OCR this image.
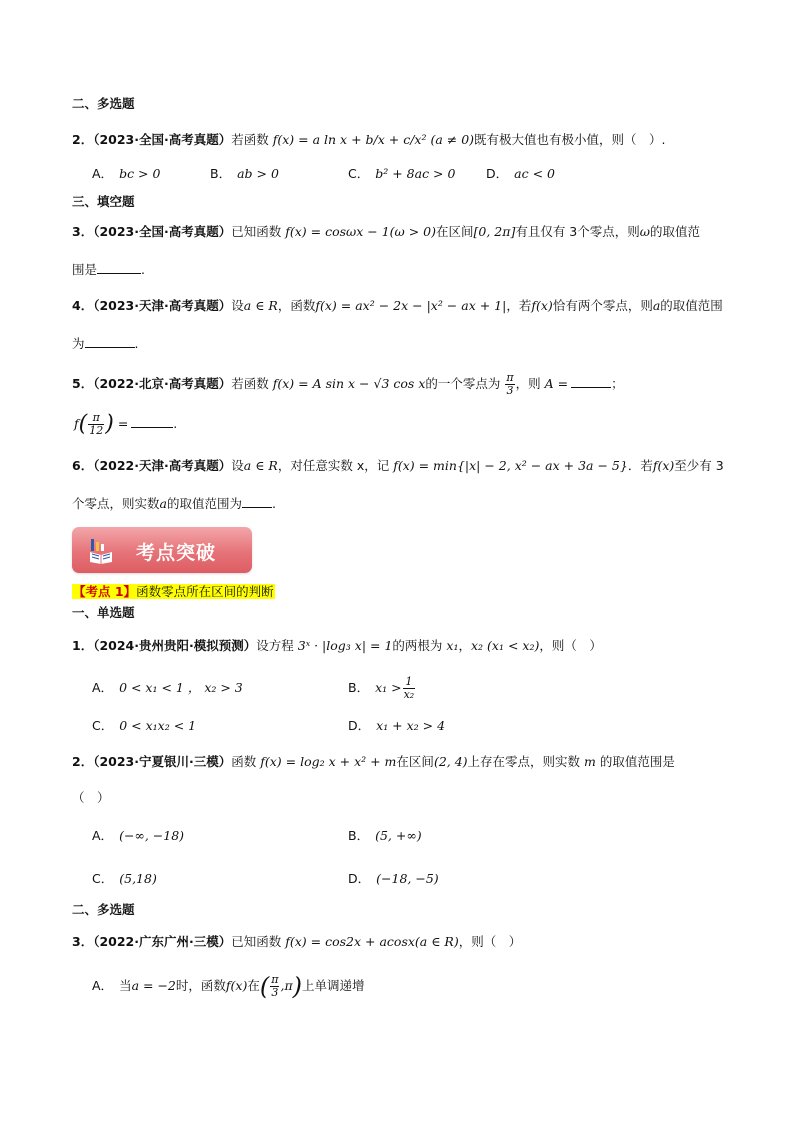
二、多选题
2．（2023·全国·高考真题）若函数 f(x) = a ln x + b/x + c/x² (a ≠ 0)既有极大值也有极小值，则（　）.
A． bc > 0	B． ab > 0	C． b² + 8ac > 0 D． ac < 0
三、填空题
3．（2023·全国·高考真题）已知函数 f(x) = cosωx − 1(ω > 0)在区间[0, 2π]有且仅有 3个零点，则ω的取值范
围是	.
4．（2023·天津·高考真题）设a ∈ R，函数f(x) = ax² − 2x − |x² − ax + 1|，若f(x)恰有两个零点，则a的取值范围
为	.
5．（2022·北京·高考真题）若函数 f(x) = A sin x − √3 cos x的一个零点为 $\frac{\pi}{3}$ ，则 A =	；
$f( \frac{\pi}{12}$ ) =	.
6．（2022·天津·高考真题）设a ∈ R，对任意实数 x，记 f(x) = min{|x| − 2, x² − ax + 3a − 5}．若f(x)至少有 3
个零点，则实数a的取值范围为 .
考点突破
【考点 1】函数零点所在区间的判断
一、单选题
1．（2024·贵州贵阳·模拟预测）设方程 3ˣ · |log₃ x| = 1的两根为 x₁，x₂ (x₁ < x₂)，则（　）
A． 0 < x₁ < 1 ， x₂ > 3	B． $x_1 > \frac{1}{\text{x₂}}$
C． 0 < x₁x₂ < 1	D． x₁ + x₂ > 4
2．（2023·宁夏银川·三模）函数 f(x) = log₂ x + x² + m在区间(2, 4)上存在零点，则实数 m 的取值范围是
（　）
A． (−∞, −18)	B． (5, +∞)
C． (5,18)	D． (−18, −5)
二、多选题
3．（2022·广东广州·三模）已知函数 f(x) = cos2x + acosx(a ∈ R)，则（　）
A． 当a = −2时，函数f(x)在( $\frac{\pi}{3} ,\pi$)上单调递增
